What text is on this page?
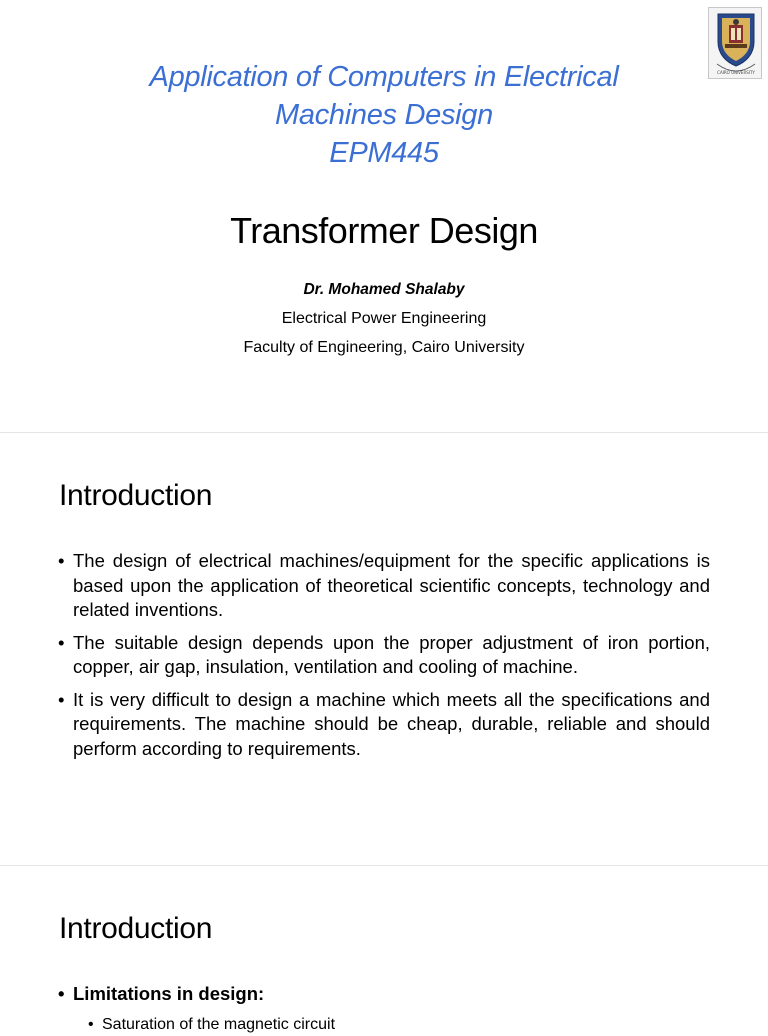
CAIRO UNIVERSITY
Application of Computers in Electrical
Machines Design
EPM445
Transformer Design
Dr. Mohamed Shalaby
Electrical Power Engineering
Faculty of Engineering, Cairo University
Introduction
• The design of electrical machines/equipment for the specific applications is based upon the application of theoretical scientific concepts, technology and related inventions.
• The suitable design depends upon the proper adjustment of iron portion, copper, air gap, insulation, ventilation and cooling of machine.
• It is very difficult to design a machine which meets all the specifications and requirements. The machine should be cheap, durable, reliable and should perform according to requirements.
Introduction
• Limitations in design:
• Saturation of the magnetic circuit
